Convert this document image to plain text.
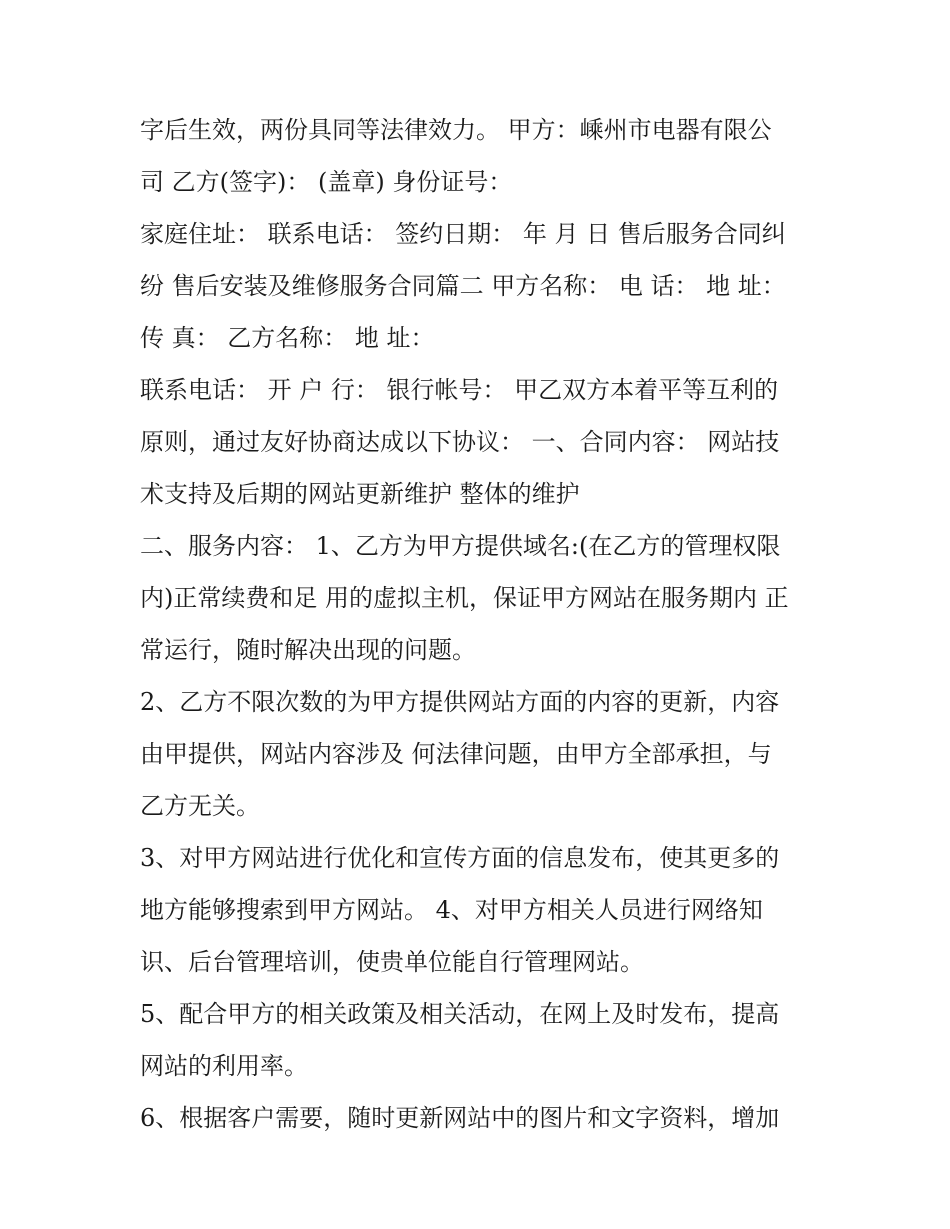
字后生效，两份具同等法律效力。 甲方：嵊州市电器有限公
司 乙方(签字)： (盖章) 身份证号：
家庭住址： 联系电话： 签约日期： 年 月 日 售后服务合同纠
纷 售后安装及维修服务合同篇二 甲方名称： 电 话： 地 址：
传 真： 乙方名称： 地 址：
联系电话： 开 户 行： 银行帐号： 甲乙双方本着平等互利的
原则，通过友好协商达成以下协议： 一、合同内容： 网站技
术支持及后期的网站更新维护 整体的维护
二、服务内容： 1、乙方为甲方提供域名:(在乙方的管理权限
内)正常续费和足 用的虚拟主机，保证甲方网站在服务期内 正
常运行，随时解决出现的问题。
2、乙方不限次数的为甲方提供网站方面的内容的更新，内容
由甲提供，网站内容涉及 何法律问题，由甲方全部承担，与
乙方无关。
3、对甲方网站进行优化和宣传方面的信息发布，使其更多的
地方能够搜索到甲方网站。 4、对甲方相关人员进行网络知
识、后台管理培训，使贵单位能自行管理网站。
5、配合甲方的相关政策及相关活动，在网上及时发布，提高
网站的利用率。
6、根据客户需要，随时更新网站中的图片和文字资料，增加
